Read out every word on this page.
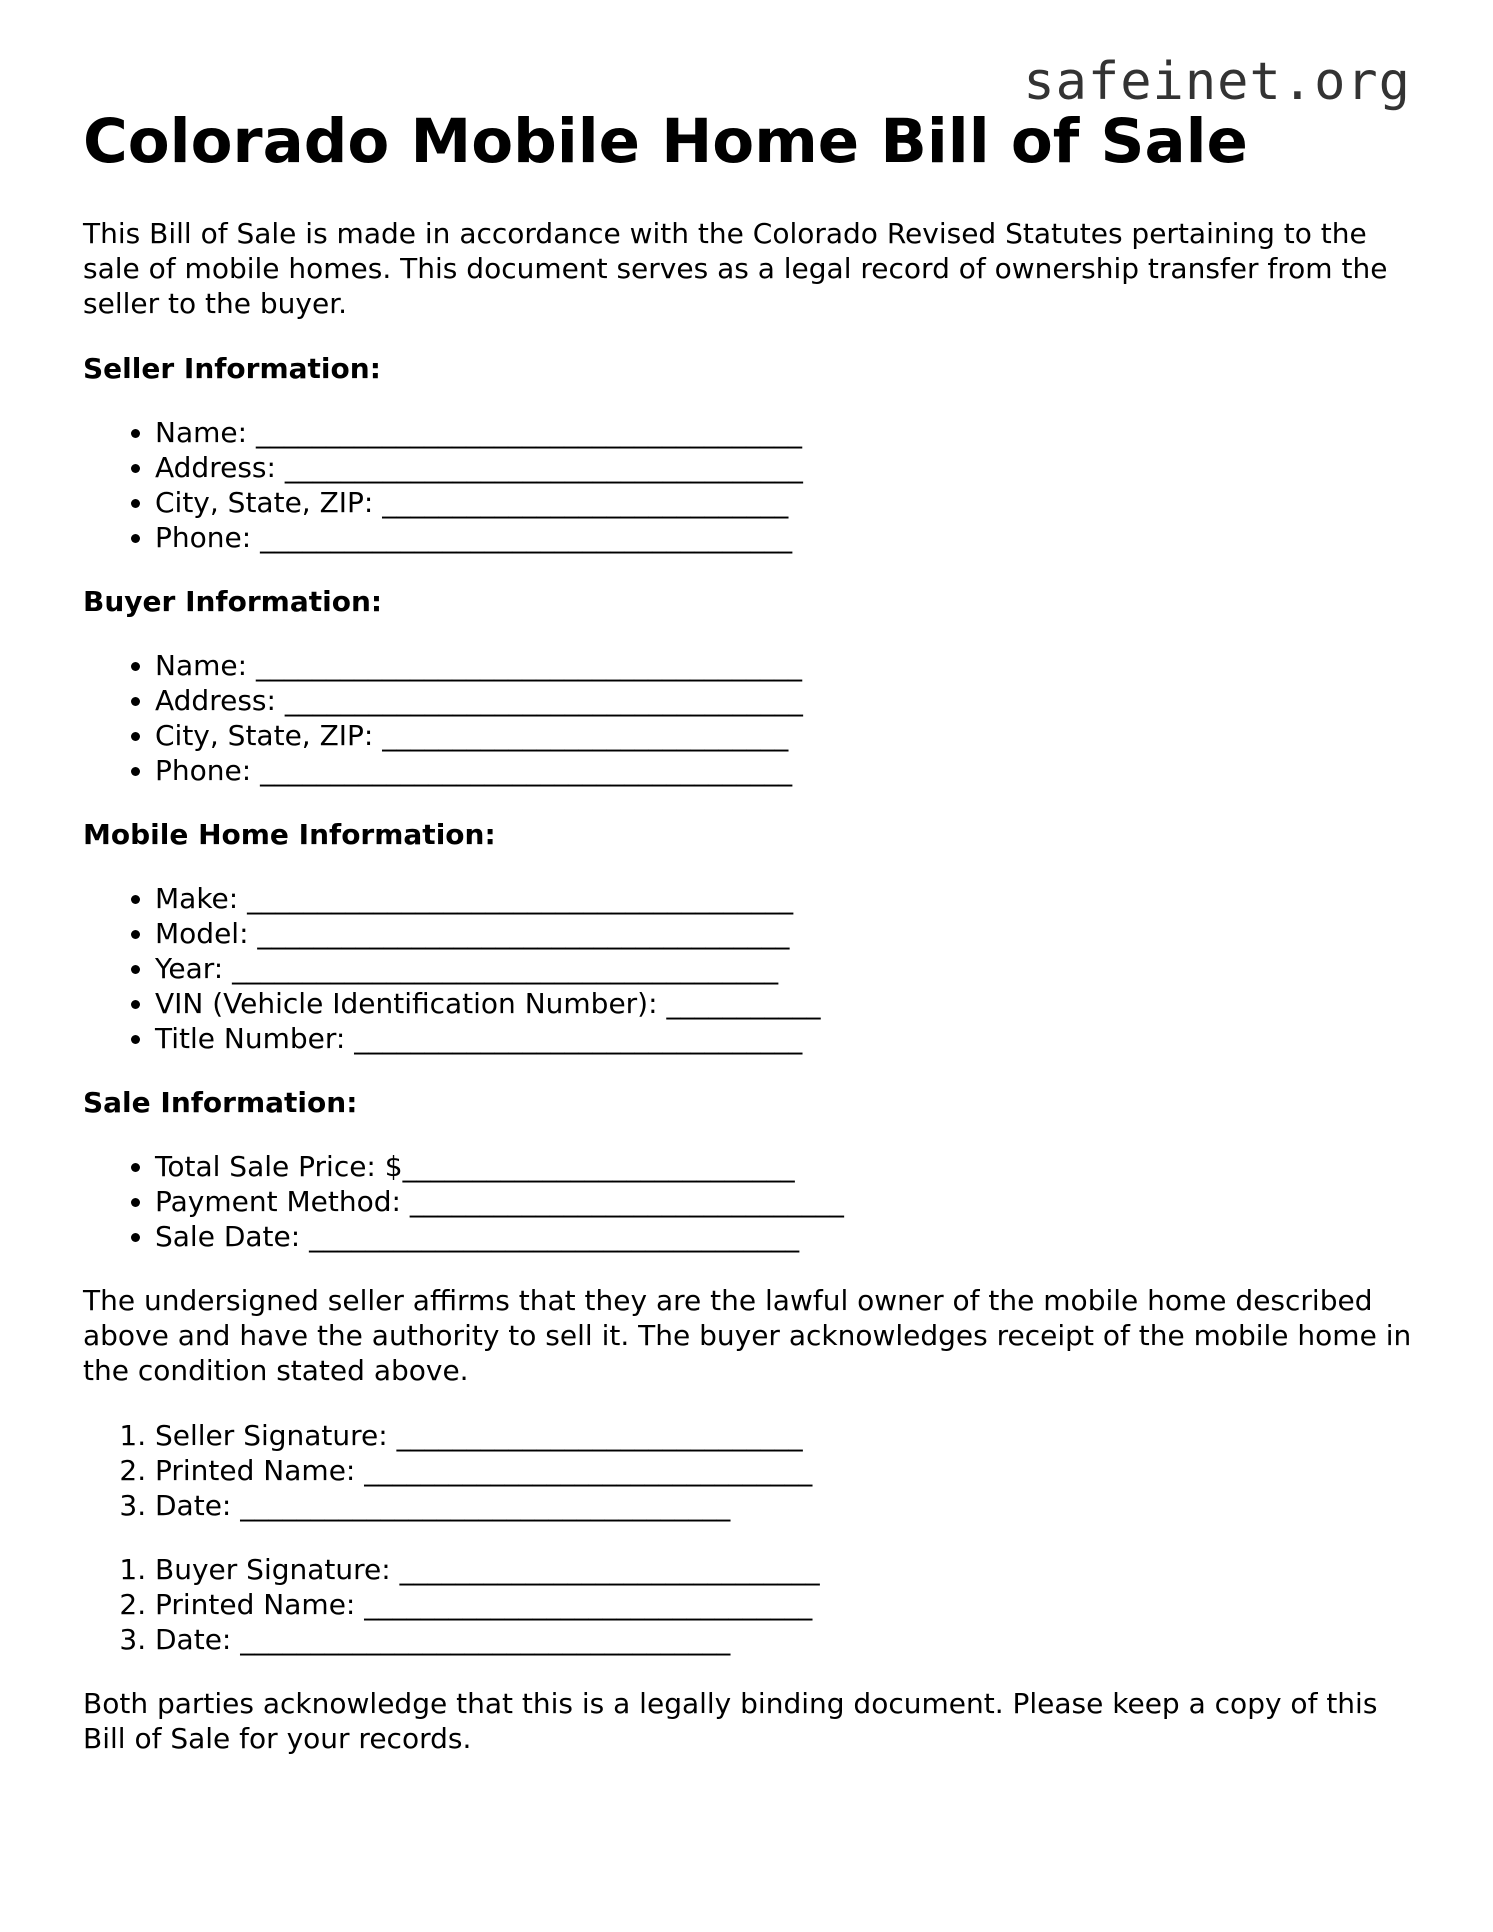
safeinet.org
Colorado Mobile Home Bill of Sale

This Bill of Sale is made in accordance with the Colorado Revised Statutes pertaining to the sale of mobile homes. This document serves as a legal record of ownership transfer from the seller to the buyer.

Seller Information:
• Name: _______________________________________
• Address: _____________________________________
• City, State, ZIP: _____________________________
• Phone: ______________________________________
Buyer Information:
• Name: _______________________________________
• Address: _____________________________________
• City, State, ZIP: _____________________________
• Phone: ______________________________________
Mobile Home Information:
• Make: _______________________________________
• Model: ______________________________________
• Year: _______________________________________
• VIN (Vehicle Identification Number): ___________
• Title Number: ________________________________
Sale Information:
• Total Sale Price: $____________________________
• Payment Method: _______________________________
• Sale Date: ___________________________________

The undersigned seller affirms that they are the lawful owner of the mobile home described above and have the authority to sell it. The buyer acknowledges receipt of the mobile home in the condition stated above.

1. Seller Signature: _____________________________
2. Printed Name: ________________________________
3. Date: ___________________________________
1. Buyer Signature: ______________________________
2. Printed Name: ________________________________
3. Date: ___________________________________

Both parties acknowledge that this is a legally binding document. Please keep a copy of this Bill of Sale for your records.
